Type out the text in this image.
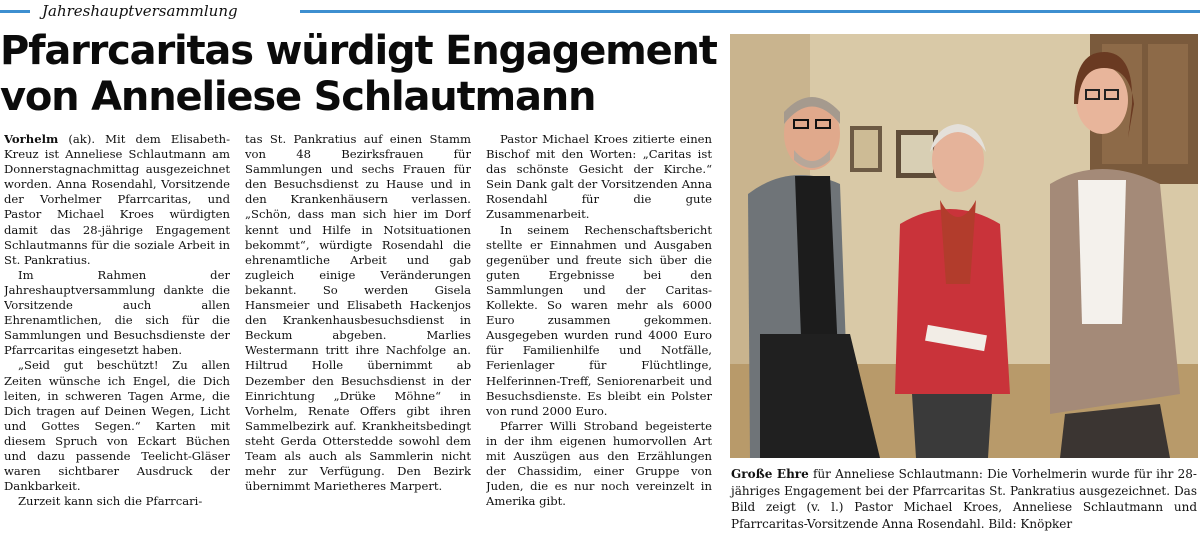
Jahreshauptversammlung
Pfarrcaritas würdigt Engagement
von Anneliese Schlautmann

Vorhelm (ak). Mit dem Elisabeth-Kreuz ist Anneliese Schlautmann am Donnerstagnachmittag ausgezeichnet worden. Anna Rosendahl, Vorsitzende der Vorhelmer Pfarrcaritas, und Pastor Michael Kroes würdigten damit das 28-jährige Engagement Schlautmanns für die soziale Arbeit in St. Pankratius.

Im Rahmen der Jahreshauptversammlung dankte die Vorsitzende auch allen Ehrenamtlichen, die sich für die Sammlungen und Besuchsdienste der Pfarrcaritas eingesetzt haben.

„Seid gut beschützt! Zu allen Zeiten wünsche ich Engel, die Dich leiten, in schweren Tagen Arme, die Dich tragen auf Deinen Wegen, Licht und Gottes Segen.“ Karten mit diesem Spruch von Eckart Büchen und dazu passende Teelicht-Gläser waren sichtbarer Ausdruck der Dankbarkeit.

Zurzeit kann sich die Pfarrcari-

tas St. Pankratius auf einen Stamm von 48 Bezirksfrauen für Sammlungen und sechs Frauen für den Besuchsdienst zu Hause und in den Krankenhäusern verlassen. „Schön, dass man sich hier im Dorf kennt und Hilfe in Notsituationen bekommt“, würdigte Rosendahl die ehrenamtliche Arbeit und gab zugleich einige Veränderungen bekannt. So werden Gisela Hansmeier und Elisabeth Hackenjos den Krankenhausbesuchsdienst in Beckum abgeben. Marlies Westermann tritt ihre Nachfolge an. Hiltrud Holle übernimmt ab Dezember den Besuchsdienst in der Einrichtung „Drüke Möhne“ in Vorhelm, Renate Offers gibt ihren Sammelbezirk auf. Krankheitsbedingt steht Gerda Otterstedde sowohl dem Team als auch als Sammlerin nicht mehr zur Verfügung. Den Bezirk übernimmt Marietheres Marpert.

Pastor Michael Kroes zitierte einen Bischof mit den Worten: „Caritas ist das schönste Gesicht der Kirche.“ Sein Dank galt der Vorsitzenden Anna Rosendahl für die gute Zusammenarbeit.

In seinem Rechenschaftsbericht stellte er Einnahmen und Ausgaben gegenüber und freute sich über die guten Ergebnisse bei den Sammlungen und der Caritas-Kollekte. So waren mehr als 6000 Euro zusammen gekommen. Ausgegeben wurden rund 4000 Euro für Familienhilfe und Notfälle, Ferienlager für Flüchtlinge, Helferinnen-Treff, Seniorenarbeit und Besuchsdienste. Es bleibt ein Polster von rund 2000 Euro.

Pfarrer Willi Stroband begeisterte in der ihm eigenen humorvollen Art mit Auszügen aus den Erzählungen der Chassidim, einer Gruppe von Juden, die es nur noch vereinzelt in Amerika gibt.

Große Ehre für Anneliese Schlautmann: Die Vorhelmerin wurde für ihr 28-jähriges Engagement bei der Pfarrcaritas St. Pankratius ausgezeichnet. Das Bild zeigt (v. l.) Pastor Michael Kroes, Anneliese Schlautmann und Pfarrcaritas-Vorsitzende Anna Rosendahl. Bild: Knöpker
